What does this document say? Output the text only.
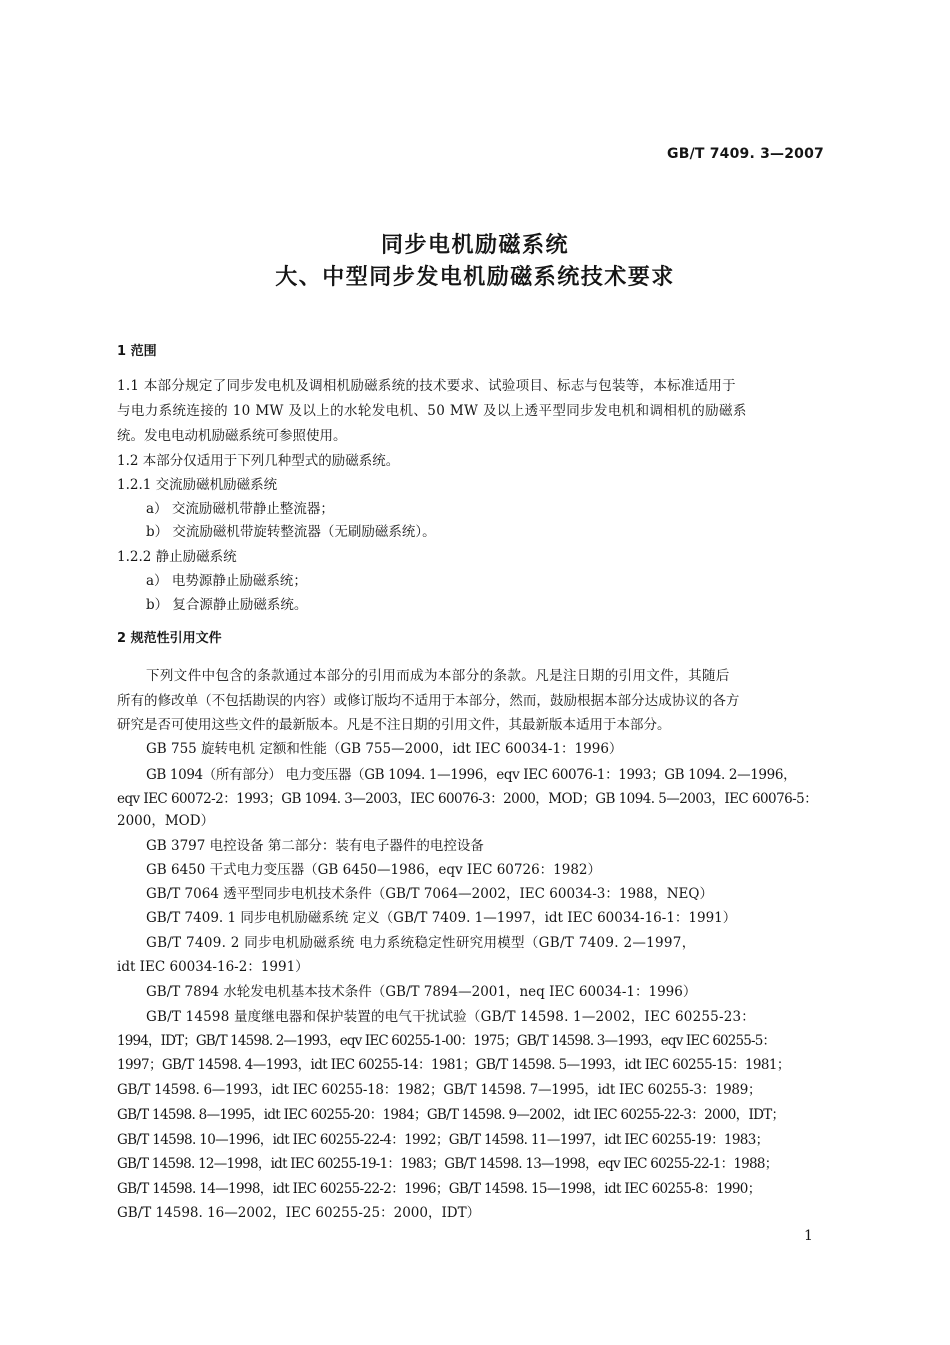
GB/T 7409. 3—2007
同步电机励磁系统
大、中型同步发电机励磁系统技术要求
1 范围
1.1 本部分规定了同步发电机及调相机励磁系统的技术要求、试验项目、标志与包装等，本标准适用于
与电力系统连接的 10 MW 及以上的水轮发电机、50 MW 及以上透平型同步发电机和调相机的励磁系
统。发电电动机励磁系统可参照使用。
1.2 本部分仅适用于下列几种型式的励磁系统。
1.2.1 交流励磁机励磁系统
a） 交流励磁机带静止整流器；
b） 交流励磁机带旋转整流器（无刷励磁系统）。
1.2.2 静止励磁系统
a） 电势源静止励磁系统；
b） 复合源静止励磁系统。
2 规范性引用文件
下列文件中包含的条款通过本部分的引用而成为本部分的条款。凡是注日期的引用文件，其随后
所有的修改单（不包括勘误的内容）或修订版均不适用于本部分，然而，鼓励根据本部分达成协议的各方
研究是否可使用这些文件的最新版本。凡是不注日期的引用文件，其最新版本适用于本部分。
GB 755 旋转电机 定额和性能（GB 755—2000，idt IEC 60034-1：1996）
GB 1094（所有部分） 电力变压器（GB 1094. 1—1996，eqv IEC 60076-1：1993；GB 1094. 2—1996，
eqv IEC 60072-2：1993；GB 1094. 3—2003，IEC 60076-3：2000，MOD；GB 1094. 5—2003，IEC 60076-5：
2000，MOD）
GB 3797 电控设备 第二部分：装有电子器件的电控设备
GB 6450 干式电力变压器（GB 6450—1986，eqv IEC 60726：1982）
GB/T 7064 透平型同步电机技术条件（GB/T 7064—2002，IEC 60034-3：1988，NEQ）
GB/T 7409. 1 同步电机励磁系统 定义（GB/T 7409. 1—1997，idt IEC 60034-16-1：1991）
GB/T 7409. 2 同步电机励磁系统 电力系统稳定性研究用模型（GB/T 7409. 2—1997，
idt IEC 60034-16-2：1991）
GB/T 7894 水轮发电机基本技术条件（GB/T 7894—2001，neq IEC 60034-1：1996）
GB/T 14598 量度继电器和保护装置的电气干扰试验（GB/T 14598. 1—2002，IEC 60255-23：
1994，IDT；GB/T 14598. 2—1993，eqv IEC 60255-1-00：1975；GB/T 14598. 3—1993，eqv IEC 60255-5：
1997；GB/T 14598. 4—1993，idt IEC 60255-14：1981；GB/T 14598. 5—1993，idt IEC 60255-15：1981；
GB/T 14598. 6—1993，idt IEC 60255-18：1982；GB/T 14598. 7—1995，idt IEC 60255-3：1989；
GB/T 14598. 8—1995，idt IEC 60255-20：1984；GB/T 14598. 9—2002，idt IEC 60255-22-3：2000，IDT；
GB/T 14598. 10—1996，idt IEC 60255-22-4：1992；GB/T 14598. 11—1997，idt IEC 60255-19：1983；
GB/T 14598. 12—1998，idt IEC 60255-19-1：1983；GB/T 14598. 13—1998，eqv IEC 60255-22-1：1988；
GB/T 14598. 14—1998，idt IEC 60255-22-2：1996；GB/T 14598. 15—1998，idt IEC 60255-8：1990；
GB/T 14598. 16—2002，IEC 60255-25：2000，IDT）
1
